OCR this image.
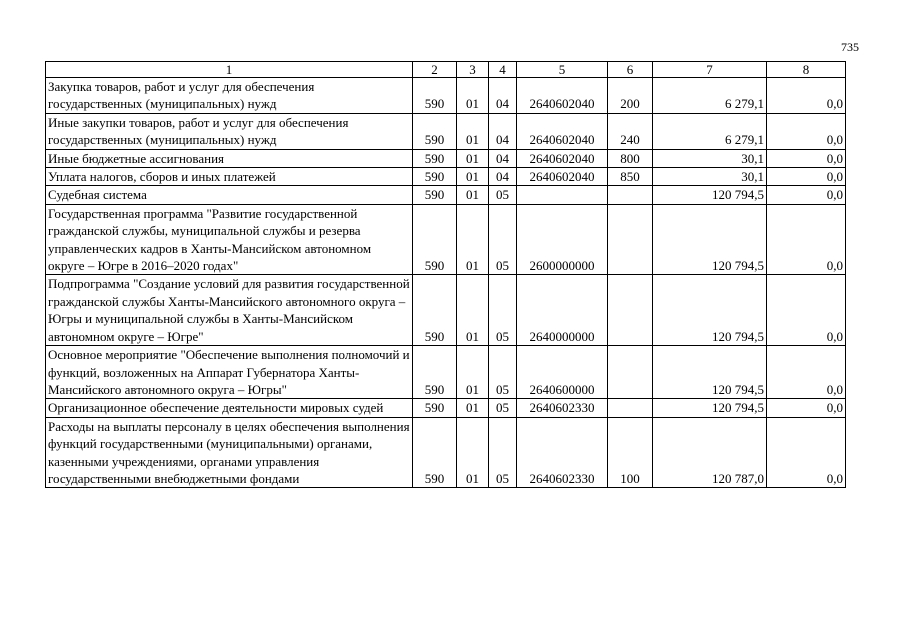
735
1	2	3	4	5	6	7	8
Закупка товаров, работ и услуг для обеспечения государственных (муниципальных) нужд	590	01	04	2640602040	200	6 279,1	0,0
Иные закупки товаров, работ и услуг для обеспечения государственных (муниципальных) нужд	590	01	04	2640602040	240	6 279,1	0,0
Иные бюджетные ассигнования	590	01	04	2640602040	800	30,1	0,0
Уплата налогов, сборов и иных платежей	590	01	04	2640602040	850	30,1	0,0
Судебная система	590	01	05			120 794,5	0,0
Государственная программа "Развитие государственной гражданской службы, муниципальной службы и резерва управленческих кадров в Ханты-Мансийском автономном округе – Югре в 2016–2020 годах"	590	01	05	2600000000		120 794,5	0,0
Подпрограмма "Создание условий для развития государственной гражданской службы Ханты-Мансийского автономного округа – Югры и муниципальной службы в Ханты-Мансийском автономном округе – Югре"	590	01	05	2640000000		120 794,5	0,0
Основное мероприятие "Обеспечение выполнения полномочий и функций, возложенных на Аппарат Губернатора Ханты-Мансийского автономного округа – Югры"	590	01	05	2640600000		120 794,5	0,0
Организационное обеспечение деятельности мировых судей	590	01	05	2640602330		120 794,5	0,0
Расходы на выплаты персоналу в целях обеспечения выполнения функций государственными (муниципальными) органами, казенными учреждениями, органами управления государственными внебюджетными фондами	590	01	05	2640602330	100	120 787,0	0,0
